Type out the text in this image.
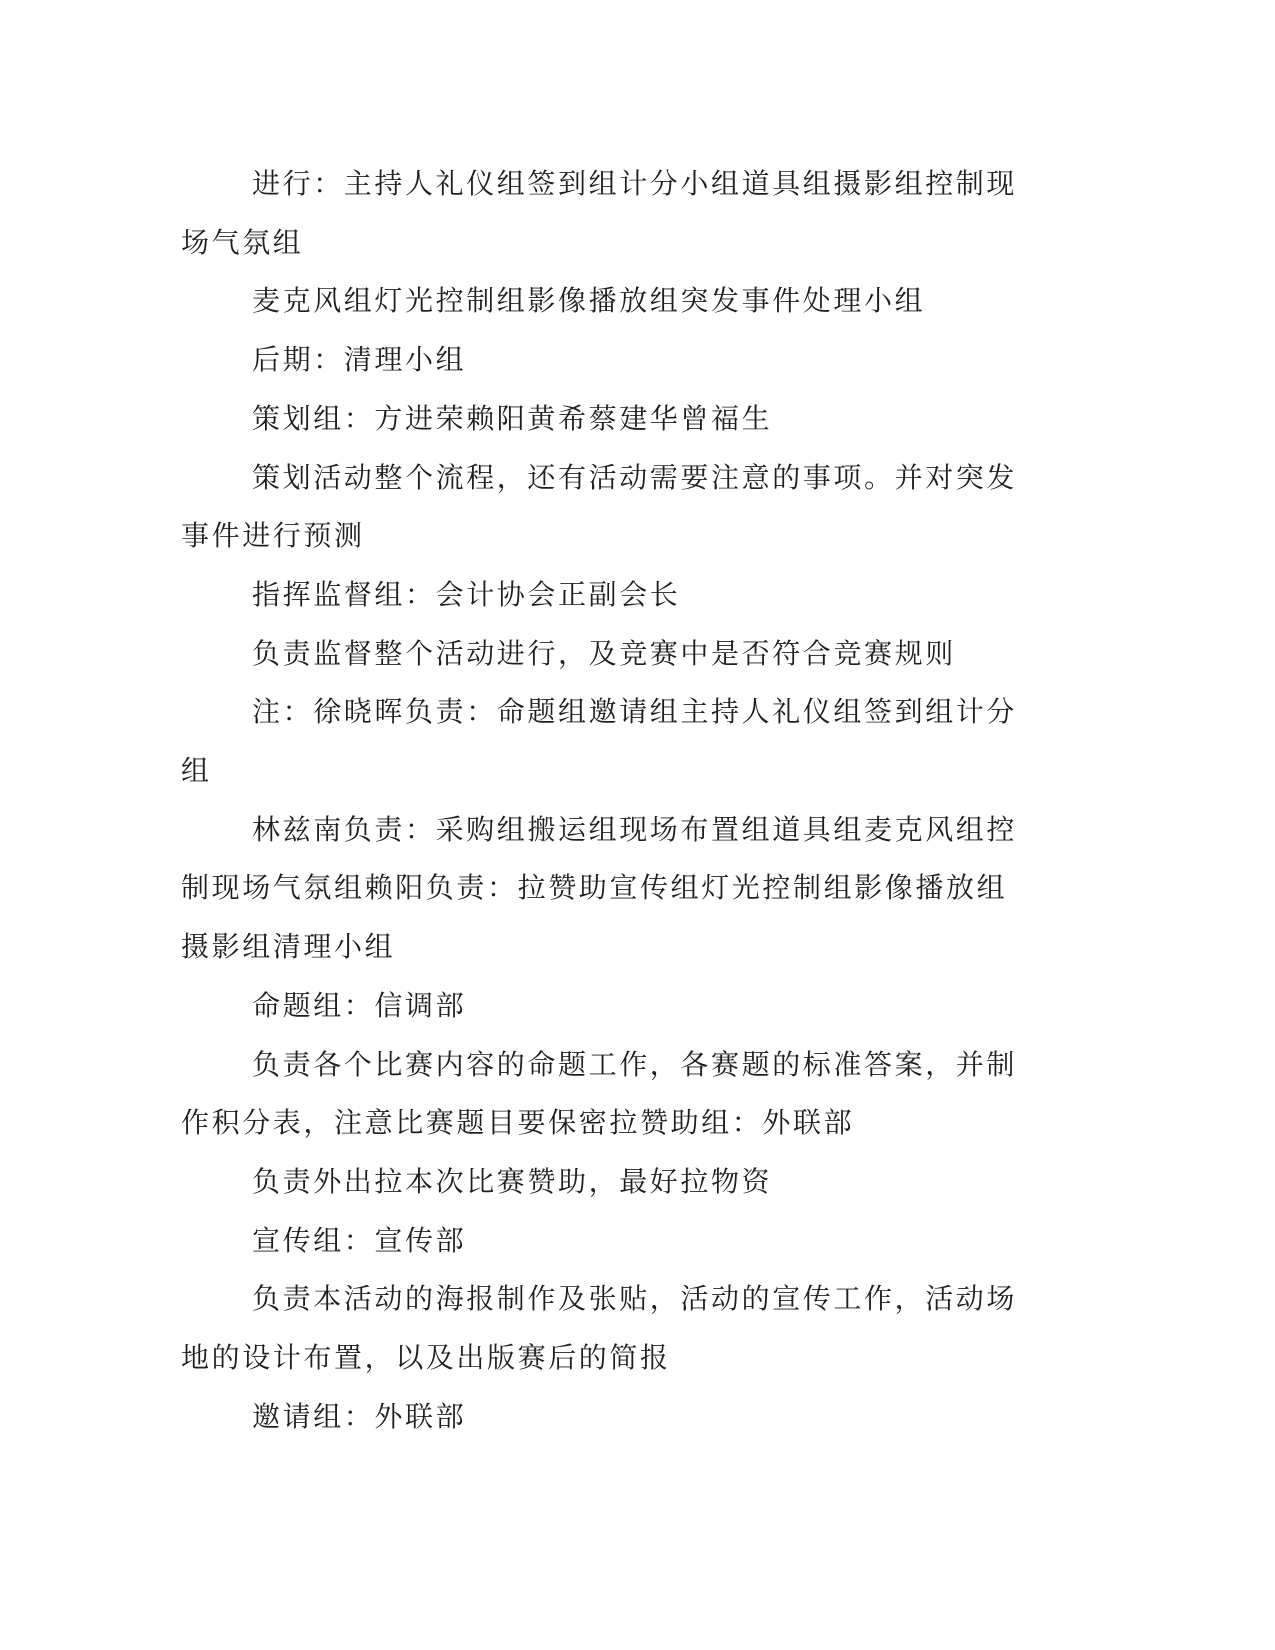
进行：主持人礼仪组签到组计分小组道具组摄影组控制现场气氛组

麦克风组灯光控制组影像播放组突发事件处理小组

后期：清理小组

策划组：方进荣赖阳黄希蔡建华曾福生

策划活动整个流程，还有活动需要注意的事项。并对突发事件进行预测

指挥监督组：会计协会正副会长

负责监督整个活动进行，及竞赛中是否符合竞赛规则

注：徐晓晖负责：命题组邀请组主持人礼仪组签到组计分组

林兹南负责：采购组搬运组现场布置组道具组麦克风组控制现场气氛组赖阳负责：拉赞助宣传组灯光控制组影像播放组摄影组清理小组

命题组：信调部

负责各个比赛内容的命题工作，各赛题的标准答案，并制作积分表，注意比赛题目要保密拉赞助组：外联部

负责外出拉本次比赛赞助，最好拉物资

宣传组：宣传部

负责本活动的海报制作及张贴，活动的宣传工作，活动场地的设计布置，以及出版赛后的简报

邀请组：外联部
